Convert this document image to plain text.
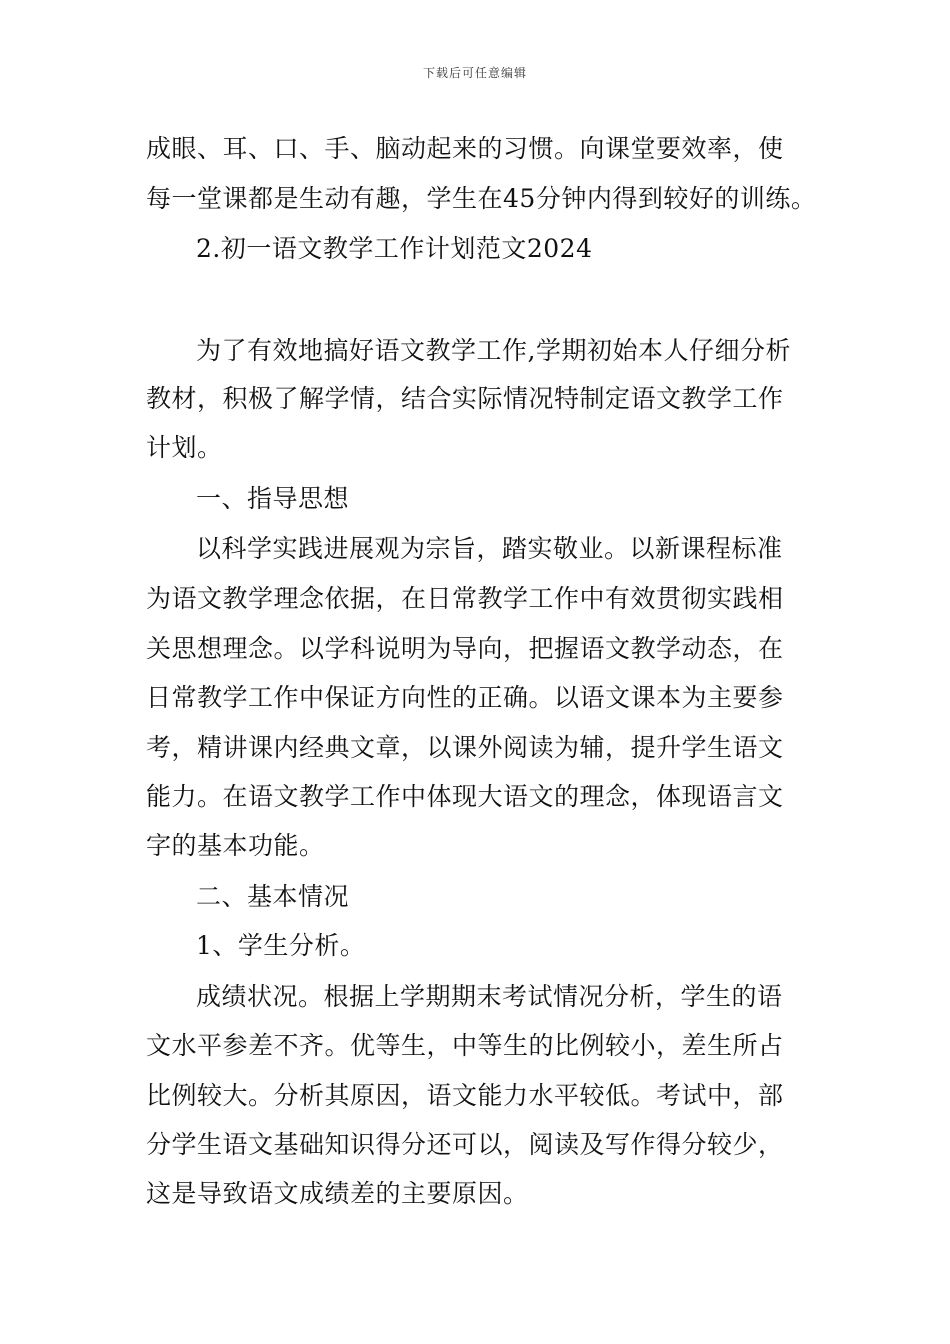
下载后可任意编辑
成眼、耳、口、手、脑动起来的习惯。向课堂要效率，使
每一堂课都是生动有趣，学生在45分钟内得到较好的训练。
2.初一语文教学工作计划范文2024
为了有效地搞好语文教学工作,学期初始本人仔细分析
教材，积极了解学情，结合实际情况特制定语文教学工作
计划。
一、指导思想
以科学实践进展观为宗旨，踏实敬业。以新课程标准
为语文教学理念依据，在日常教学工作中有效贯彻实践相
关思想理念。以学科说明为导向，把握语文教学动态，在
日常教学工作中保证方向性的正确。以语文课本为主要参
考，精讲课内经典文章，以课外阅读为辅，提升学生语文
能力。在语文教学工作中体现大语文的理念，体现语言文
字的基本功能。
二、基本情况
1、学生分析。
成绩状况。根据上学期期末考试情况分析，学生的语
文水平参差不齐。优等生，中等生的比例较小，差生所占
比例较大。分析其原因，语文能力水平较低。考试中，部
分学生语文基础知识得分还可以，阅读及写作得分较少，
这是导致语文成绩差的主要原因。
